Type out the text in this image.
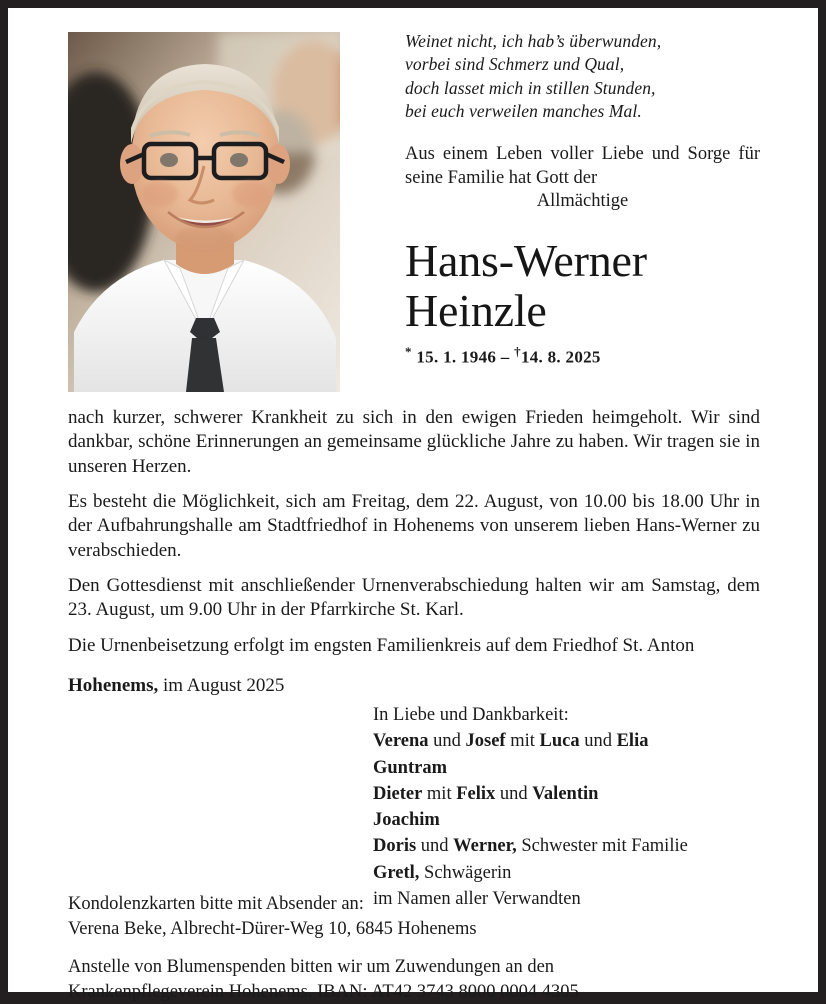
Weinet nicht, ich hab’s überwunden,
vorbei sind Schmerz und Qual,
doch lasset mich in stillen Stunden,
bei euch verweilen manches Mal.
Aus einem Leben voller Liebe und Sorge für seine Familie hat Gott der
Allmächtige
Hans-Werner
Heinzle
* 15. 1. 1946 – †14. 8. 2025
nach kurzer, schwerer Krankheit zu sich in den ewigen Frieden heimgeholt. Wir sind dankbar, schöne Erinnerungen an gemeinsame glückliche Jahre zu haben. Wir tragen sie in unseren Herzen.
Es besteht die Möglichkeit, sich am Freitag, dem 22. August, von 10.00 bis 18.00 Uhr in der Aufbahrungshalle am Stadtfriedhof in Hohenems von unserem lieben Hans-Werner zu verabschieden.
Den Gottesdienst mit anschließender Urnenverabschiedung halten wir am Samstag, dem 23. August, um 9.00 Uhr in der Pfarrkirche St. Karl.
Die Urnenbeisetzung erfolgt im engsten Familienkreis auf dem Friedhof St. Anton
Hohenems, im August 2025
In Liebe und Dankbarkeit:
Verena und Josef mit Luca und Elia
Guntram
Dieter mit Felix und Valentin
Joachim
Doris und Werner, Schwester mit Familie
Gretl, Schwägerin
im Namen aller Verwandten
Kondolenzkarten bitte mit Absender an:
Verena Beke, Albrecht-Dürer-Weg 10, 6845 Hohenems
Anstelle von Blumenspenden bitten wir um Zuwendungen an den
Krankenpflegeverein Hohenems. IBAN: AT42 3743 8000 0004 4305
